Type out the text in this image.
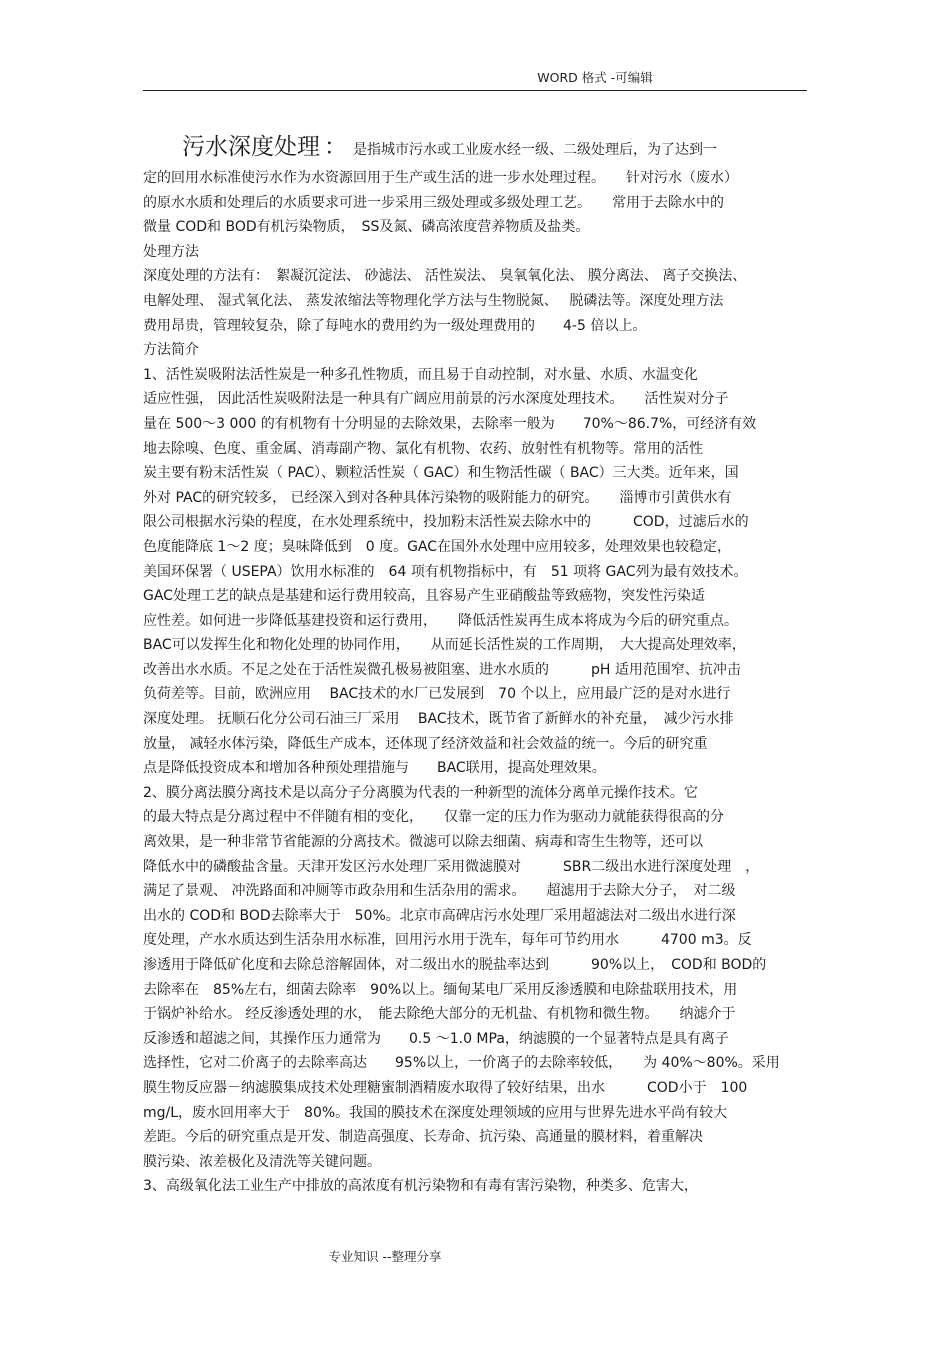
WORD 格式 -可编辑
污水深度处理 ： 是指城市污水或工业废水经一级、二级处理后，为了达到一
定的回用水标准使污水作为水资源回用于生产或生活的进一步水处理过程。　　针对污水（废水）
的原水水质和处理后的水质要求可进一步采用三级处理或多级处理工艺。　　常用于去除水中的
微量 COD和 BOD有机污染物质，　SS及氮、磷高浓度营养物质及盐类。
处理方法
深度处理的方法有：　絮凝沉淀法、 砂滤法、 活性炭法、 臭氧氧化法、 膜分离法、 离子交换法、
电解处理、 湿式氧化法、 蒸发浓缩法等物理化学方法与生物脱氮、　 脱磷法等。深度处理方法
费用昂贵，管理较复杂，除了每吨水的费用约为一级处理费用的　　4-5 倍以上。
方法简介
1、活性炭吸附法活性炭是一种多孔性物质，而且易于自动控制，对水量、水质、水温变化
适应性强， 因此活性炭吸附法是一种具有广阔应用前景的污水深度处理技术。　　活性炭对分子
量在 500～3 000 的有机物有十分明显的去除效果，去除率一般为　　70%～86.7%，可经济有效
地去除嗅、色度、重金属、消毒副产物、氯化有机物、农药、放射性有机物等。常用的活性
炭主要有粉末活性炭（ PAC）、颗粒活性炭（ GAC）和生物活性碳（ BAC）三大类。近年来，国
外对 PAC的研究较多， 已经深入到对各种具体污染物的吸附能力的研究。　　淄博市引黄供水有
限公司根据水污染的程度，在水处理系统中，投加粉末活性炭去除水中的　　　COD，过滤后水的
色度能降底 1～2 度；臭味降低到　0 度。GAC在国外水处理中应用较多，处理效果也较稳定，
美国环保署（ USEPA）饮用水标准的　64 项有机物指标中，有　51 项将 GAC列为最有效技术。
GAC处理工艺的缺点是基建和运行费用较高，且容易产生亚硝酸盐等致癌物，突发性污染适
应性差。如何进一步降低基建投资和运行费用，　　降低活性炭再生成本将成为今后的研究重点。
BAC可以发挥生化和物化处理的协同作用，　　从而延长活性炭的工作周期，　大大提高处理效率，
改善出水水质。不足之处在于活性炭微孔极易被阻塞、进水水质的　　　pH 适用范围窄、抗冲击
负荷差等。目前，欧洲应用　 BAC技术的水厂已发展到　70 个以上，应用最广泛的是对水进行
深度处理。 抚顺石化分公司石油三厂采用　 BAC技术，既节省了新鲜水的补充量，　减少污水排
放量， 减轻水体污染，降低生产成本，还体现了经济效益和社会效益的统一。今后的研究重
点是降低投资成本和增加各种预处理措施与　　BAC联用，提高处理效果。
2、膜分离法膜分离技术是以高分子分离膜为代表的一种新型的流体分离单元操作技术。它
的最大特点是分离过程中不伴随有相的变化，　　仅靠一定的压力作为驱动力就能获得很高的分
离效果，是一种非常节省能源的分离技术。微滤可以除去细菌、病毒和寄生生物等，还可以
降低水中的磷酸盐含量。天津开发区污水处理厂采用微滤膜对　　　SBR二级出水进行深度处理　，
满足了景观、 冲洗路面和冲厕等市政杂用和生活杂用的需求。　　超滤用于去除大分子，　对二级
出水的 COD和 BOD去除率大于　50%。北京市高碑店污水处理厂采用超滤法对二级出水进行深
度处理，产水水质达到生活杂用水标准，回用污水用于洗车，每年可节约用水　　　4700 m3。反
渗透用于降低矿化度和去除总溶解固体，对二级出水的脱盐率达到　　　90%以上，　COD和 BOD的
去除率在　85%左右，细菌去除率　90%以上。缅甸某电厂采用反渗透膜和电除盐联用技术，用
于锅炉补给水。 经反渗透处理的水，　能去除绝大部分的无机盐、有机物和微生物。　　纳滤介于
反渗透和超滤之间，其操作压力通常为　　0.5 ～1.0 MPa，纳滤膜的一个显著特点是具有离子
选择性，它对二价离子的去除率高达　　95%以上，一价离子的去除率较低，　　为 40%～80%。采用
膜生物反应器－纳滤膜集成技术处理糖蜜制酒精废水取得了较好结果，出水　　　COD小于　100
mg/L，废水回用率大于　80%。我国的膜技术在深度处理领域的应用与世界先进水平尚有较大
差距。今后的研究重点是开发、制造高强度、长寿命、抗污染、高通量的膜材料，着重解决
膜污染、浓差极化及清洗等关键问题。
3、高级氧化法工业生产中排放的高浓度有机污染物和有毒有害污染物，种类多、危害大，
专业知识 --整理分享
